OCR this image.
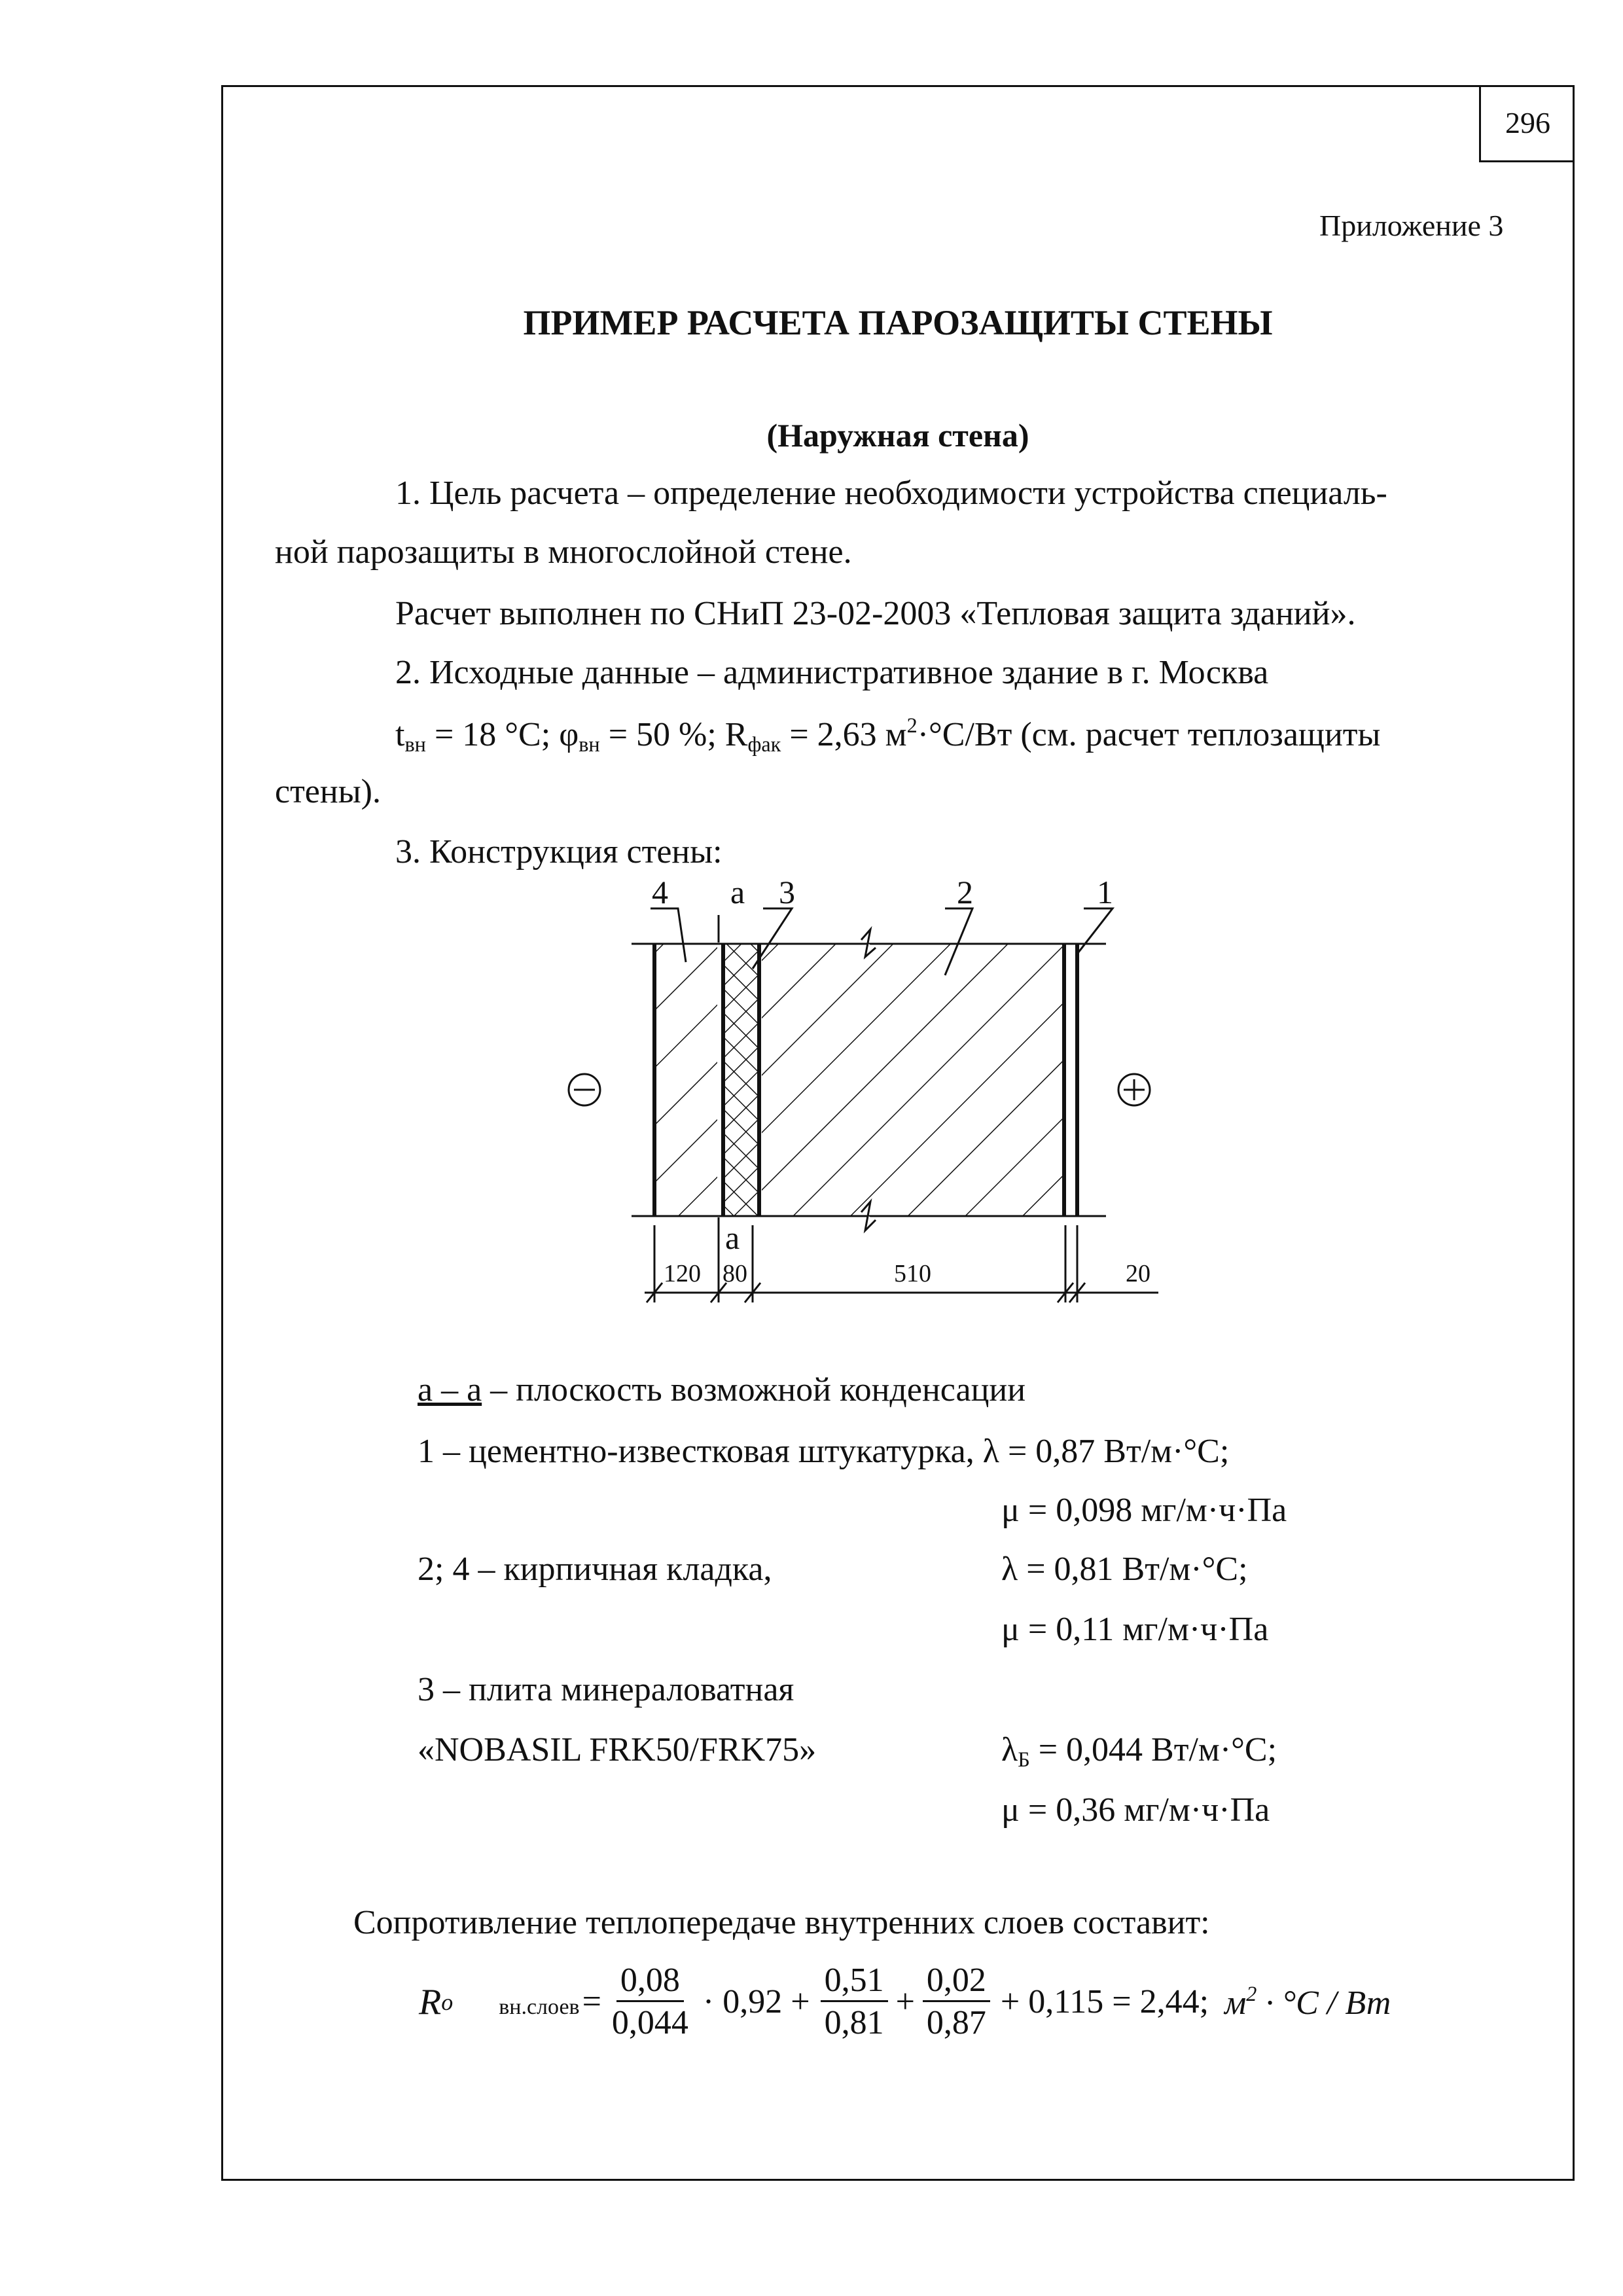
296
Приложение 3
ПРИМЕР РАСЧЕТА ПАРОЗАЩИТЫ СТЕНЫ
(Наружная стена)
1. Цель расчета – определение необходимости устройства специаль-
ной парозащиты в многослойной стене.
Расчет выполнен по СНиП 23-02-2003 «Тепловая защита зданий».
2. Исходные данные – административное здание в г. Москва
$t_{вн} = 18$ °С; $\varphi_{вн} = 50$ %; $R_{фак} = 2,63$ $м^2\cdot^\circ С/Вт$ (см. расчет теплозащиты
стены).
3. Конструкция стены:
4 a 3	2	1
a
120 80	510	20
а – а – плоскость возможной конденсации
1 – цементно-известковая штукатурка, λ = 0,87 Вт/м·°С;
μ = 0,098 мг/м·ч·Па
2; 4 – кирпичная кладка,	λ = 0,81 Вт/м·°С;
μ = 0,11 мг/м·ч·Па
3 – плита минераловатная
«NOBASIL FRK50/FRK75»	$\lambda_Б = 0,044$ Вт/м·°С;
μ = 0,36 мг/м·ч·Па
Сопротивление теплопередаче внутренних слоев составит:
R о вн.слоев = $\frac{0,08}{0,044} \cdot 0,92 + \frac{0,51}{0,81} + \frac{0,02}{0,87} + 0,115 = 2,44$; $м^2 \cdot ^\circ C$ / Вт
